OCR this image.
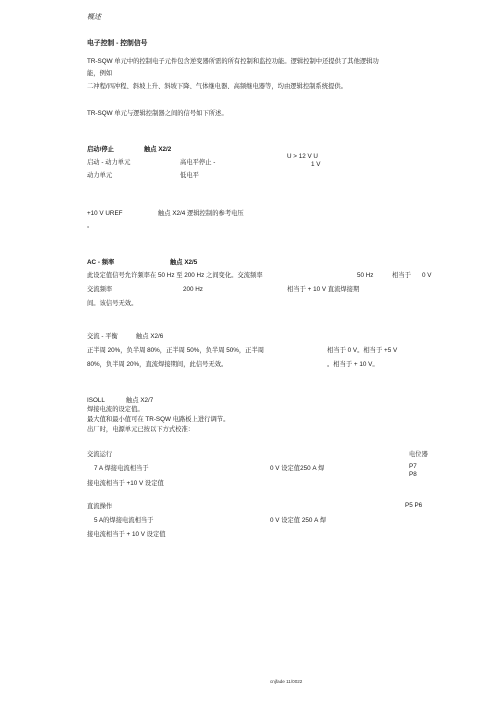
概述
电子控制 - 控制信号
TR-SQW 单元中的控制电子元件包含逆变器所需的所有控制和监控功能。逻辑控制中还提供了其他逻辑功
能，例如
二冲程/四冲程、斜坡上升、斜坡下降、气体继电器、高频继电器等，均由逻辑控制系统提供。
TR-SQW 单元与逻辑控制器之间的信号如下所述。
启动/停止	触点 X2/2
启动 - 动力单元	高电平停止 -
动力单元	低电平
U > 12 V U
1 V
+10 V UREF	触点 X2/4 逻辑控制的参考电压
。
AC - 频率	触点 X2/5
此设定值信号允许频率在 50 Hz 至 200 Hz 之间变化。交流频率	50 Hz	相当于 0 V
交流频率	200 Hz	相当于 + 10 V 直流焊接期
间。该信号无效。
交流 - 平衡	触点 X2/6
正半周 20%，负半周 80%，正半周 50%，负半周 50%，正半周	相当于 0 V。相当于 +5 V
80%，负半周 20%，直流焊接期间，此信号无效。	。相当于 + 10 V。
ISOLL	触点 X2/7
焊接电流的设定值。
最大值和最小值可在 TR-SQW 电路板上进行调节。
出厂时，电源单元已按以下方式校准：
交流运行	电位器
7 A 焊接电流相当于	0 V 设定值250 A 焊	P7
P8
接电流相当于 +10 V 设定值
直流操作	P5 P6
5 A的焊接电流相当于	0 V 设定值 250 A 焊
接电流相当于 + 10 V 设定值
cnjfade 11/0022
